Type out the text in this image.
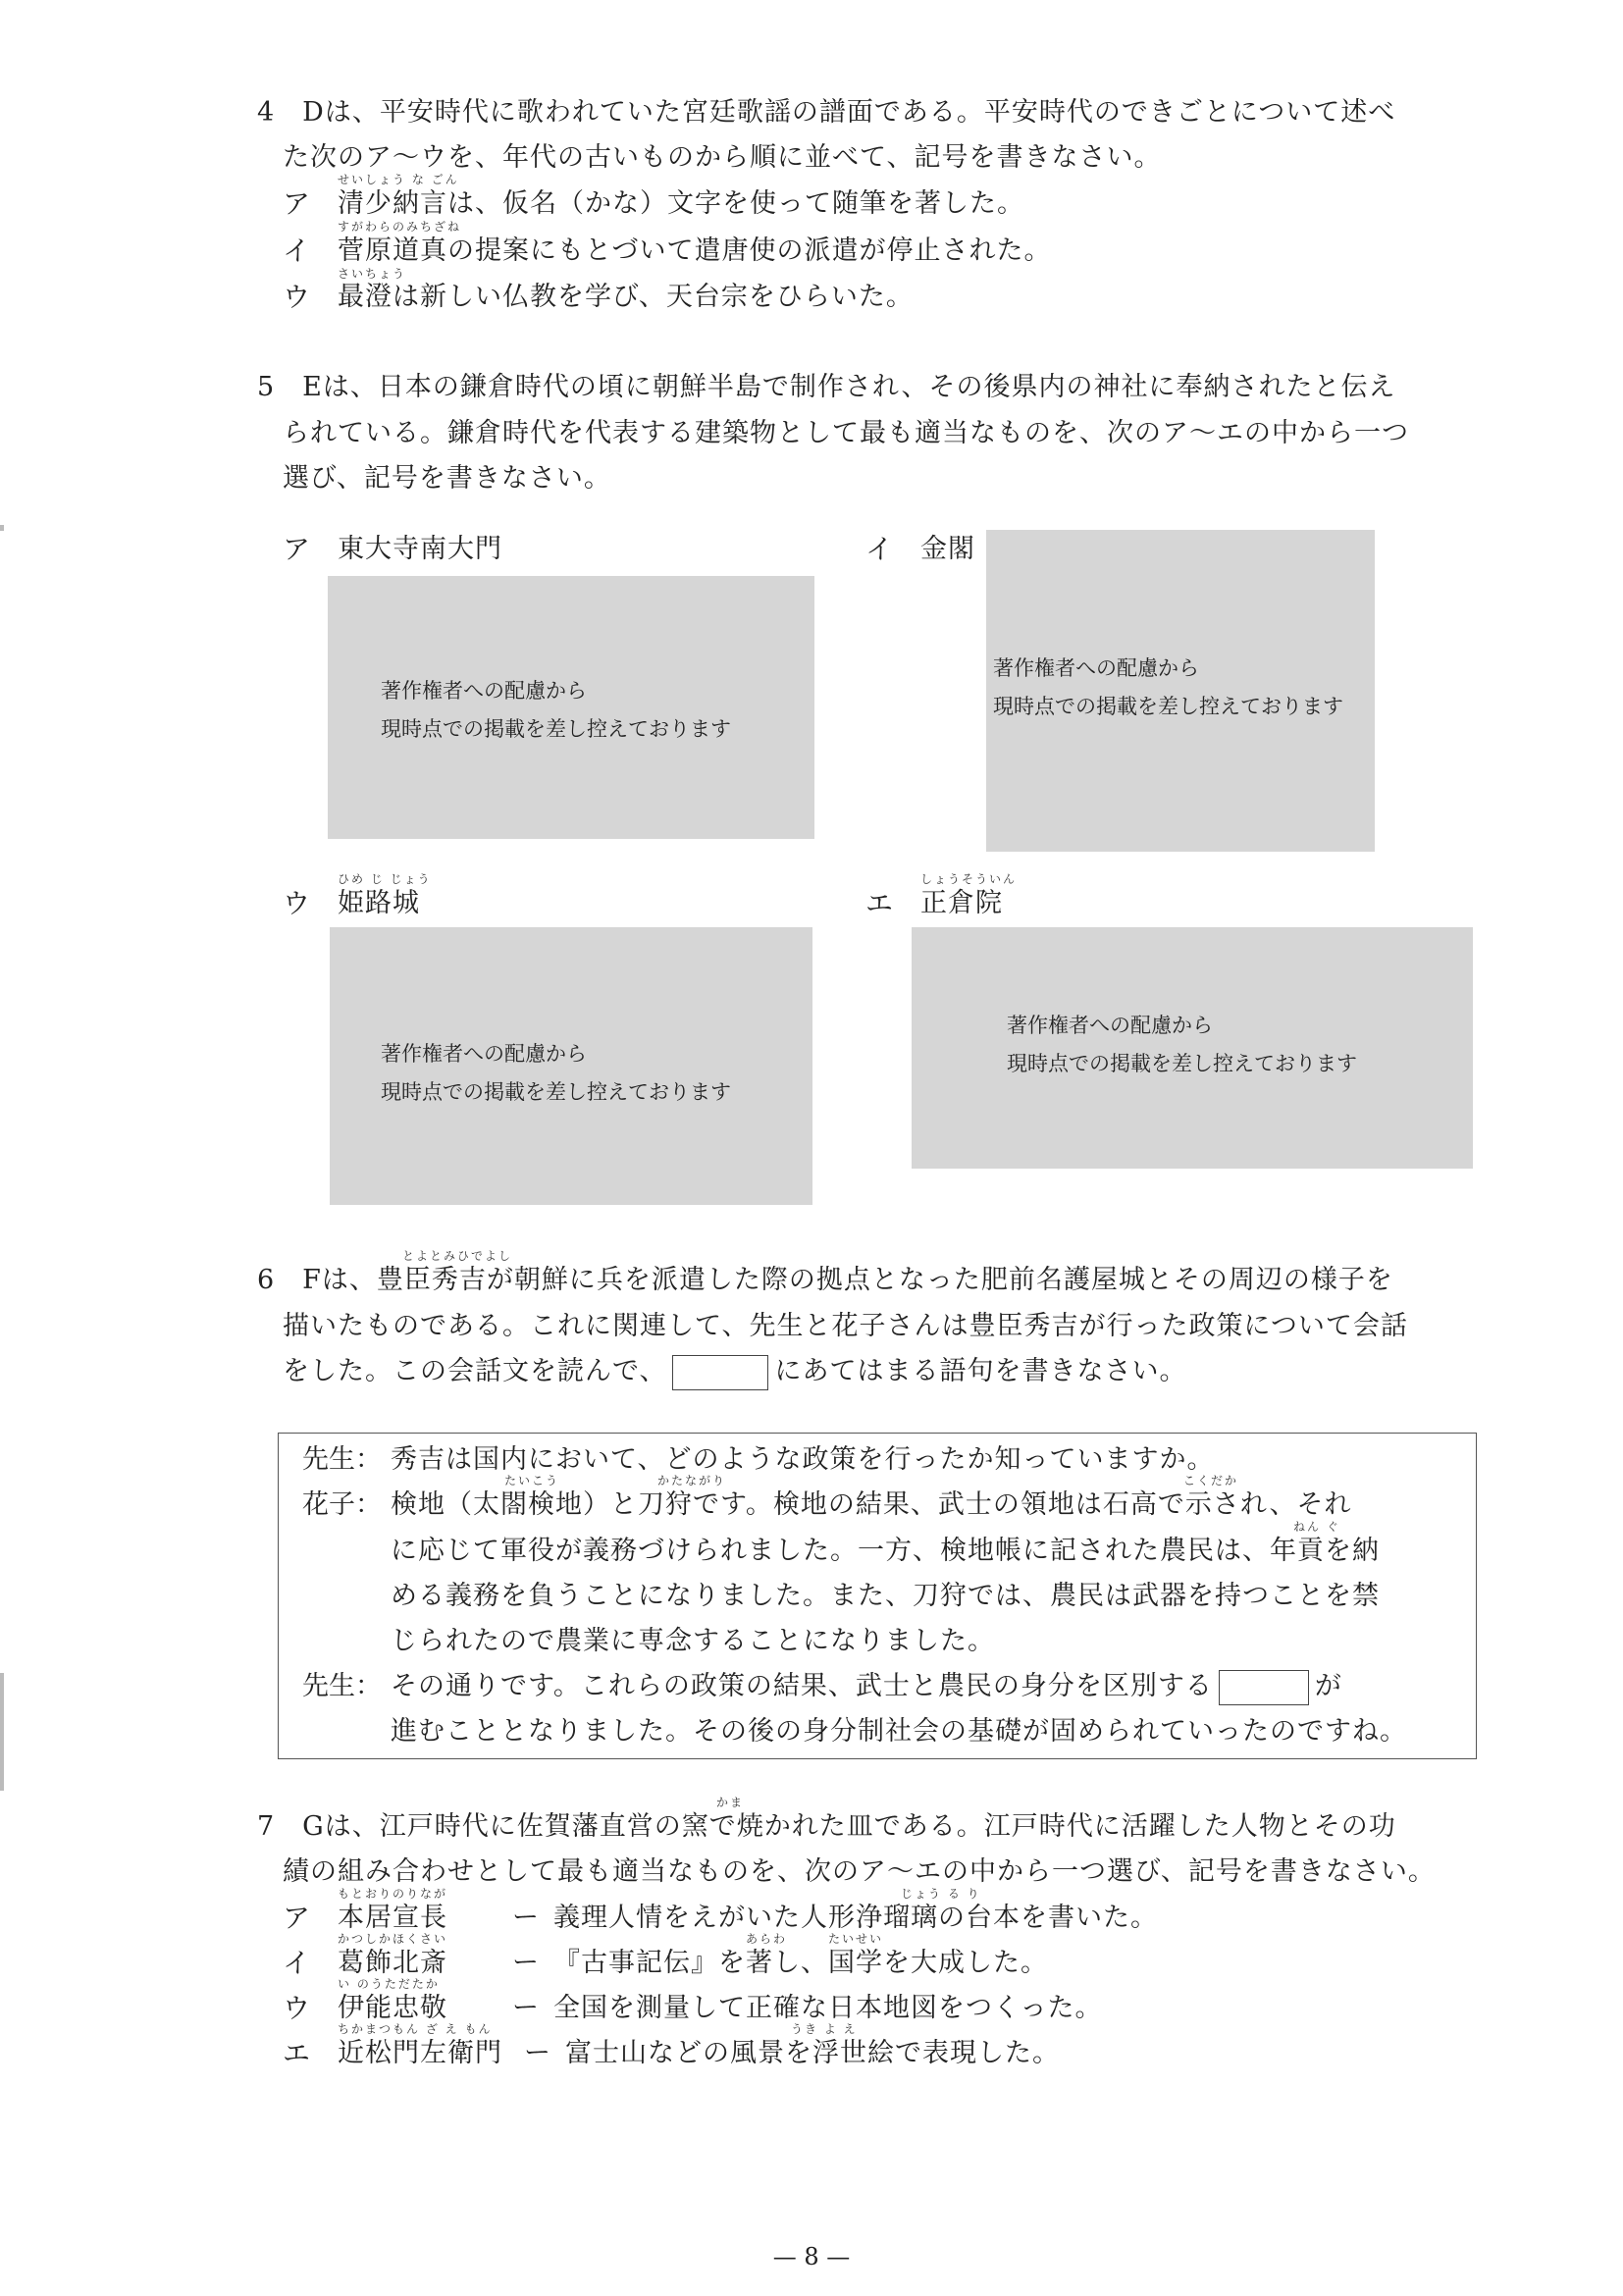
4　Dは、平安時代に歌われていた宮廷歌謡の譜面である。平安時代のできごとについて述べ
た次のア〜ウを、年代の古いものから順に並べて、記号を書きなさい。
せいしょう な ごん
ア 清少納言は、仮名（かな）文字を使って随筆を著した。
すがわらのみちざね
イ 菅原道真の提案にもとづいて遣唐使の派遣が停止された。
さいちょう
ウ 最澄は新しい仏教を学び、天台宗をひらいた。
5　Eは、日本の鎌倉時代の頃に朝鮮半島で制作され、その後県内の神社に奉納されたと伝え
られている。鎌倉時代を代表する建築物として最も適当なものを、次のア〜エの中から一つ
選び、記号を書きなさい。
ア 東大寺南大門
著作権者への配慮から
現時点での掲載を差し控えております
イ 金閣
著作権者への配慮から
現時点での掲載を差し控えております
ひめ じ じょう
ウ 姫路城
著作権者への配慮から
現時点での掲載を差し控えております
しょうそういん
エ 正倉院
著作権者への配慮から
現時点での掲載を差し控えております
とよとみひでよし
6　Fは、豊臣秀吉が朝鮮に兵を派遣した際の拠点となった肥前名護屋城とその周辺の様子を
描いたものである。これに関連して、先生と花子さんは豊臣秀吉が行った政策について会話
をした。この会話文を読んで、	にあてはまる語句を書きなさい。
先生： 秀吉は国内において、どのような政策を行ったか知っていますか。
たいこう	かたながり	こくだか
花子： 検地（太閤検地）と刀狩です。検地の結果、武士の領地は石高で示され、それ
ねん ぐ
に応じて軍役が義務づけられました。一方、検地帳に記された農民は、年貢を納
める義務を負うことになりました。また、刀狩では、農民は武器を持つことを禁
じられたので農業に専念することになりました。
先生： その通りです。これらの政策の結果、武士と農民の身分を区別する	が
進むこととなりました。その後の身分制社会の基礎が固められていったのですね。
かま
7　Gは、江戸時代に佐賀藩直営の窯で焼かれた皿である。江戸時代に活躍した人物とその功
績の組み合わせとして最も適当なものを、次のア〜エの中から一つ選び、記号を書きなさい。
もとおりのりなが	じょう る り
ア 本居宣長 ー 義理人情をえがいた人形浄瑠璃の台本を書いた。
かつしかほくさい	あらわ　　　たいせい
イ 葛飾北斎 ー 『古事記伝』を著し、国学を大成した。
い のうただたか
ウ 伊能忠敬 ー 全国を測量して正確な日本地図をつくった。
ちかまつもん ざ え もん	うき よ え
エ 近松門左衛門 ー 富士山などの風景を浮世絵で表現した。
— 8 —
